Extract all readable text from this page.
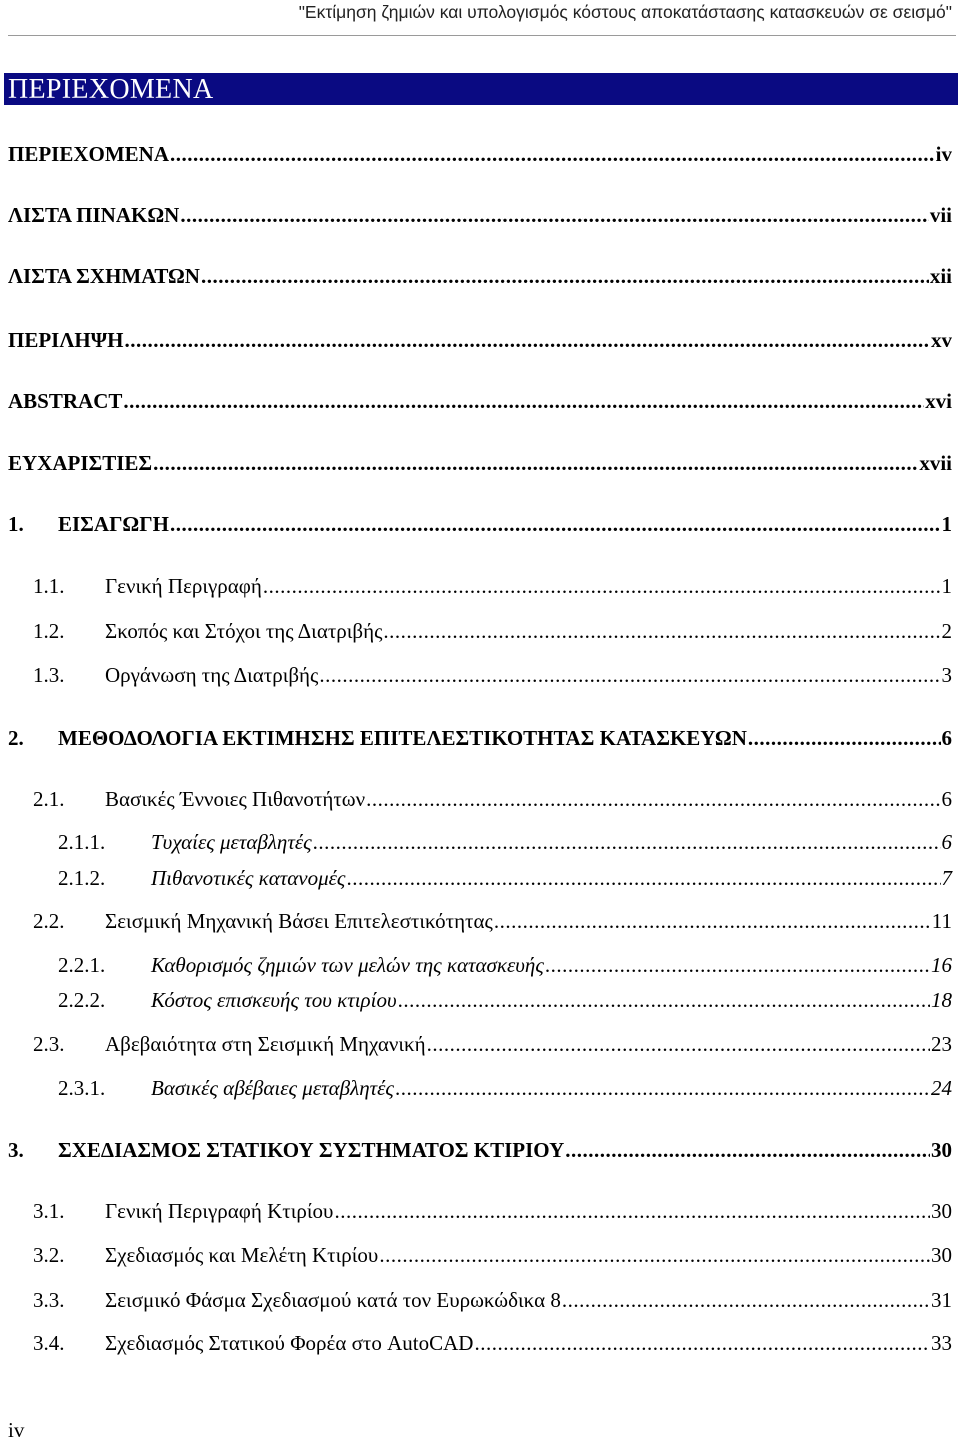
"Εκτίμηση ζημιών και υπολογισμός κόστους αποκατάστασης κατασκευών σε σεισμό"
ΠΕΡΙΕΧΟΜΕΝΑ
ΠΕΡΙΕΧΟΜΕΝΑ .....	iv
ΛΙΣΤΑ ΠΙΝΑΚΩΝ .....	vii
ΛΙΣΤΑ ΣΧΗΜΑΤΩΝ .....	xii
ΠΕΡΙΛΗΨΗ .....	xv
ABSTRACT .....	xvi
ΕΥΧΑΡΙΣΤΙΕΣ .....	xvii
1. ΕΙΣΑΓΩΓΗ .....	1
1.1. Γενική Περιγραφή .....	1
1.2. Σκοπός και Στόχοι της Διατριβής .....	2
1.3. Οργάνωση της Διατριβής .....	3
2. ΜΕΘΟΔΟΛΟΓΙΑ ΕΚΤΙΜΗΣΗΣ ΕΠΙΤΕΛΕΣΤΙΚΟΤΗΤΑΣ ΚΑΤΑΣΚΕΥΩΝ .....	6
2.1. Βασικές Έννοιες Πιθανοτήτων .....	6
2.1.1. Τυχαίες μεταβλητές .....	6
2.1.2. Πιθανοτικές κατανομές .....	7
2.2. Σεισμική Μηχανική Βάσει Επιτελεστικότητας .....	11
2.2.1. Καθορισμός ζημιών των μελών της κατασκευής .....	16
2.2.2. Κόστος επισκευής του κτιρίου .....	18
2.3. Αβεβαιότητα στη Σεισμική Μηχανική .....	23
2.3.1. Βασικές αβέβαιες μεταβλητές .....	24
3. ΣΧΕΔΙΑΣΜΟΣ ΣΤΑΤΙΚΟΥ ΣΥΣΤΗΜΑΤΟΣ ΚΤΙΡΙΟΥ .....	30
3.1. Γενική Περιγραφή Κτιρίου .....	30
3.2. Σχεδιασμός και Μελέτη Κτιρίου .....	30
3.3. Σεισμικό Φάσμα Σχεδιασμού κατά τον Ευρωκώδικα 8 .....	31
3.4. Σχεδιασμός Στατικού Φορέα στο AutoCAD .....	33
iv
